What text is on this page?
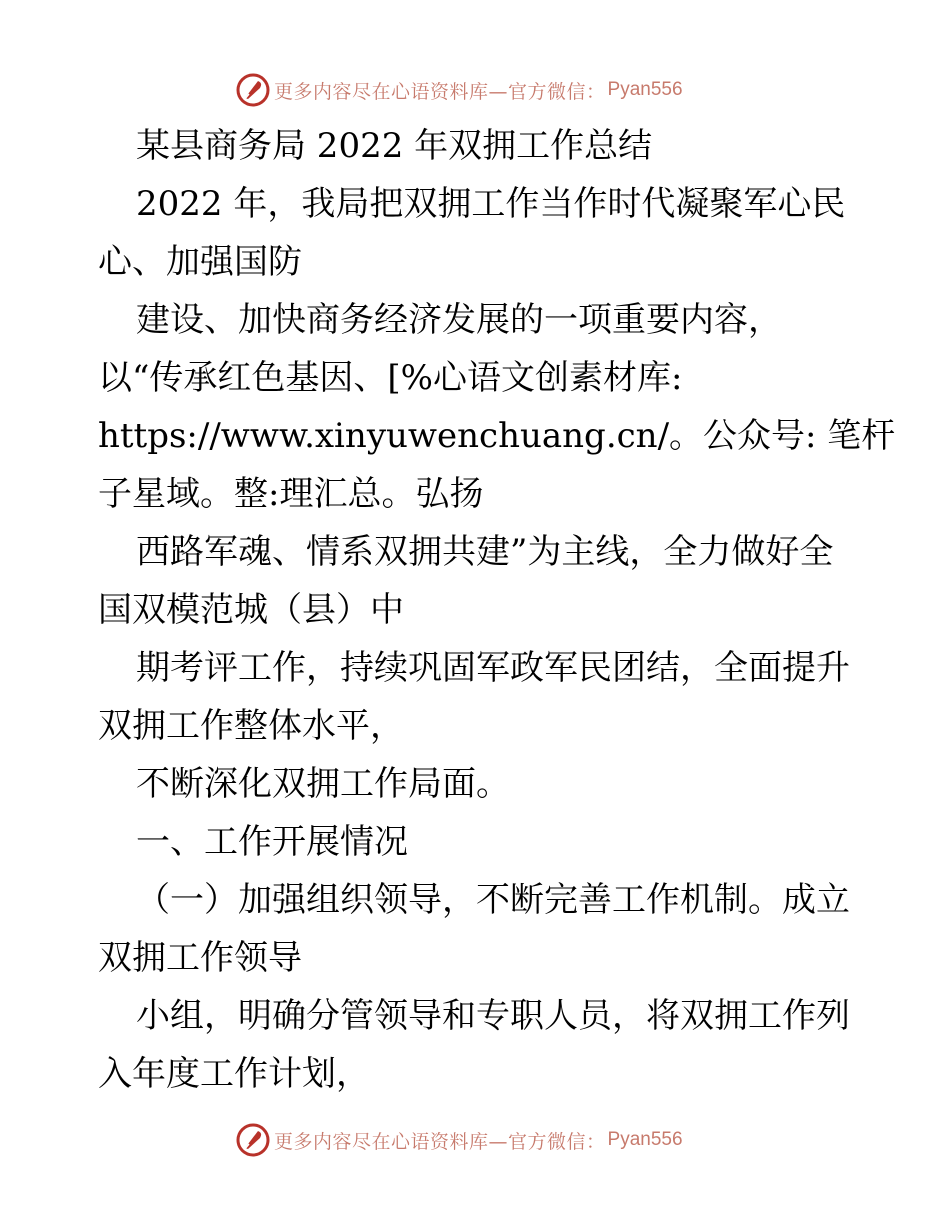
更多内容尽在心语资料库—官方微信： Pyan556
某县商务局 2022 年双拥工作总结
2022 年，我局把双拥工作当作时代凝聚军心民
心、加强国防
建设、加快商务经济发展的一项重要内容，
以“传承红色基因、[%心语文创素材库:
https://www.xinyuwenchuang.cn/。公众号: 笔杆
子星域。整:理汇总。弘扬
西路军魂、情系双拥共建”为主线，全力做好全
国双模范城（县）中
期考评工作，持续巩固军政军民团结，全面提升
双拥工作整体水平，
不断深化双拥工作局面。
一、工作开展情况
（一）加强组织领导，不断完善工作机制。成立
双拥工作领导
小组，明确分管领导和专职人员，将双拥工作列
入年度工作计划，
更多内容尽在心语资料库—官方微信： Pyan556
